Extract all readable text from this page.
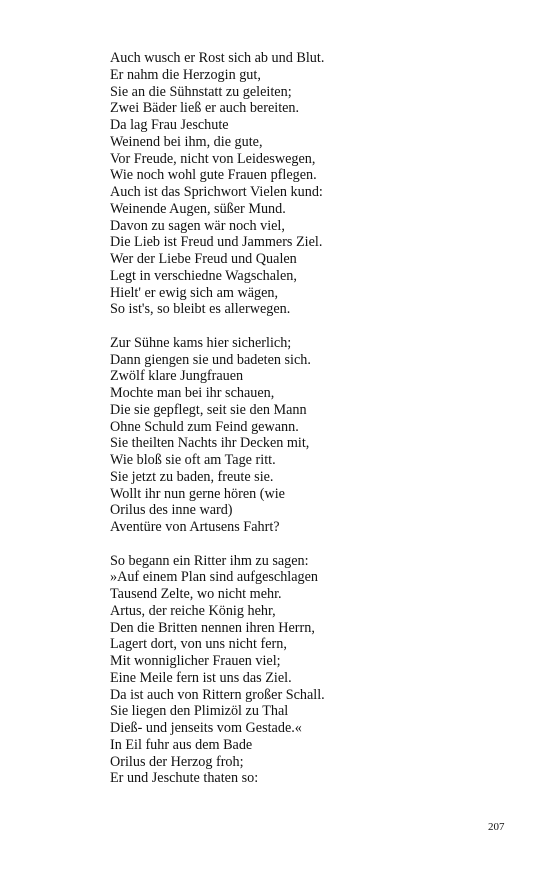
Auch wusch er Rost sich ab und Blut.
Er nahm die Herzogin gut,
Sie an die Sühnstatt zu geleiten;
Zwei Bäder ließ er auch bereiten.
Da lag Frau Jeschute
Weinend bei ihm, die gute,
Vor Freude, nicht von Leideswegen,
Wie noch wohl gute Frauen pflegen.
Auch ist das Sprichwort Vielen kund:
Weinende Augen, süßer Mund.
Davon zu sagen wär noch viel,
Die Lieb ist Freud und Jammers Ziel.
Wer der Liebe Freud und Qualen
Legt in verschiedne Wagschalen,
Hielt' er ewig sich am wägen,
So ist's, so bleibt es allerwegen.
Zur Sühne kams hier sicherlich;
Dann giengen sie und badeten sich.
Zwölf klare Jungfrauen
Mochte man bei ihr schauen,
Die sie gepflegt, seit sie den Mann
Ohne Schuld zum Feind gewann.
Sie theilten Nachts ihr Decken mit,
Wie bloß sie oft am Tage ritt.
Sie jetzt zu baden, freute sie.
Wollt ihr nun gerne hören (wie
Orilus des inne ward)
Aventüre von Artusens Fahrt?
So begann ein Ritter ihm zu sagen:
»Auf einem Plan sind aufgeschlagen
Tausend Zelte, wo nicht mehr.
Artus, der reiche König hehr,
Den die Britten nennen ihren Herrn,
Lagert dort, von uns nicht fern,
Mit wonniglicher Frauen viel;
Eine Meile fern ist uns das Ziel.
Da ist auch von Rittern großer Schall.
Sie liegen den Plimizöl zu Thal
Dieß- und jenseits vom Gestade.«
In Eil fuhr aus dem Bade
Orilus der Herzog froh;
Er und Jeschute thaten so:
207
